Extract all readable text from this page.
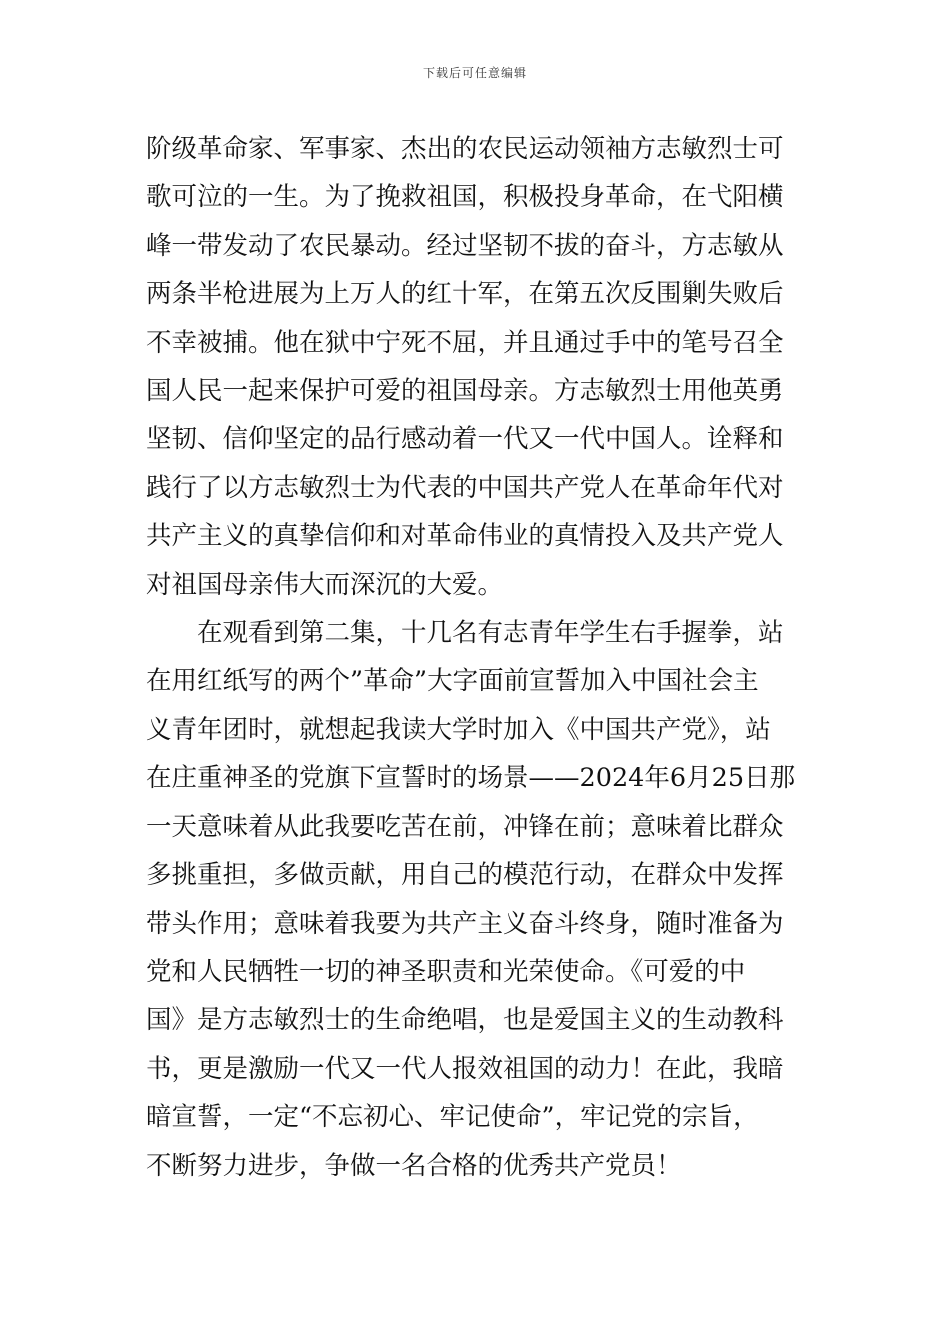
下载后可任意编辑
阶级革命家、军事家、杰出的农民运动领袖方志敏烈士可
歌可泣的一生。为了挽救祖国，积极投身革命，在弋阳横
峰一带发动了农民暴动。经过坚韧不拔的奋斗，方志敏从
两条半枪进展为上万人的红十军，在第五次反围剿失败后
不幸被捕。他在狱中宁死不屈，并且通过手中的笔号召全
国人民一起来保护可爱的祖国母亲。方志敏烈士用他英勇
坚韧、信仰坚定的品行感动着一代又一代中国人。诠释和
践行了以方志敏烈士为代表的中国共产党人在革命年代对
共产主义的真挚信仰和对革命伟业的真情投入及共产党人
对祖国母亲伟大而深沉的大爱。
在观看到第二集，十几名有志青年学生右手握拳，站
在用红纸写的两个”革命”大字面前宣誓加入中国社会主
义青年团时，就想起我读大学时加入《中国共产党》，站
在庄重神圣的党旗下宣誓时的场景——2024年6月25日那
一天意味着从此我要吃苦在前，冲锋在前；意味着比群众
多挑重担，多做贡献，用自己的模范行动，在群众中发挥
带头作用；意味着我要为共产主义奋斗终身，随时准备为
党和人民牺牲一切的神圣职责和光荣使命。《可爱的中
国》是方志敏烈士的生命绝唱，也是爱国主义的生动教科
书，更是激励一代又一代人报效祖国的动力！在此，我暗
暗宣誓，一定“不忘初心、牢记使命”，牢记党的宗旨，
不断努力进步，争做一名合格的优秀共产党员！
